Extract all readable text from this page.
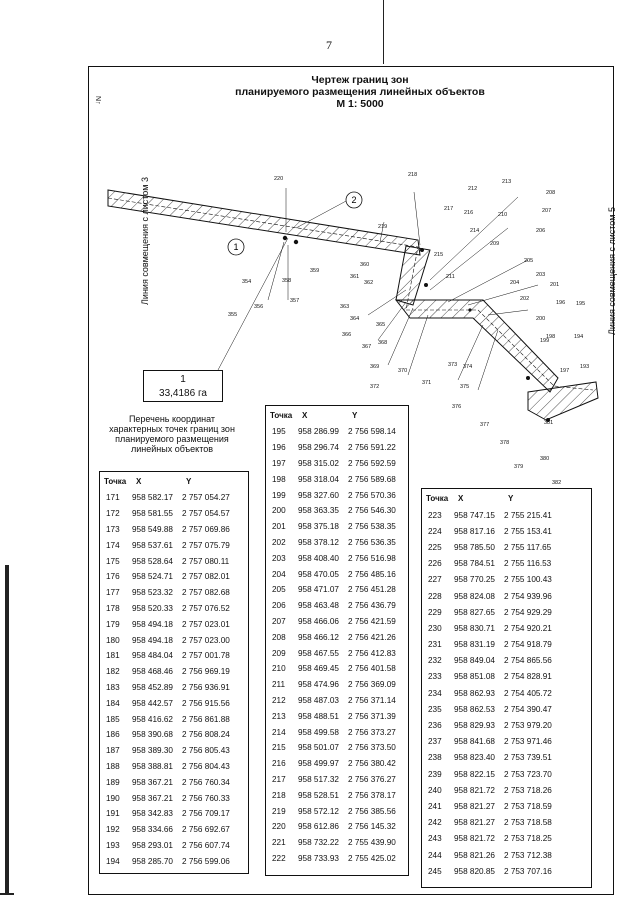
7
Чертеж границ зон
планируемого размещения линейных объектов
М 1: 5000
N↑
Линия совмещения с листом 3	Линия совмещения с листом 5
1
2
220
218
212
213
208
217
216	210
207
219
214	206
209
215
211
205
203
204	201
202
195
196
200
194
198
197
193
199
360
361
362
359
358
357
354
356
355
363
364
365
366
367
368
369
370
371
372
373 374
375
376
377
378
379
380
381
382
1
33,4186 га
Перечень координат
характерных точек границ зон
планируемого размещения
линейных объектов
Точка	X	Y
171	958 582.17	2 757 054.27
172	958 581.55	2 757 054.57
173	958 549.88	2 757 069.86
174	958 537.61	2 757 075.79
175	958 528.64	2 757 080.11
176	958 524.71	2 757 082.01
177	958 523.32	2 757 082.68
178	958 520.33	2 757 076.52
179	958 494.18	2 757 023.01
180	958 494.18	2 757 023.00
181	958 484.04	2 757 001.78
182	958 468.46	2 756 969.19
183	958 452.89	2 756 936.91
184	958 442.57	2 756 915.56
185	958 416.62	2 756 861.88
186	958 390.68	2 756 808.24
187	958 389.30	2 756 805.43
188	958 388.81	2 756 804.43
189	958 367.21	2 756 760.34
190	958 367.21	2 756 760.33
191	958 342.83	2 756 709.17
192	958 334.66	2 756 692.67
193	958 293.01	2 756 607.74
194	958 285.70	2 756 599.06
Точка	X	Y
195	958 286.99	2 756 598.14
196	958 296.74	2 756 591.22
197	958 315.02	2 756 592.59
198	958 318.04	2 756 589.68
199	958 327.60	2 756 570.36
200	958 363.35	2 756 546.30
201	958 375.18	2 756 538.35
202	958 378.12	2 756 536.35
203	958 408.40	2 756 516.98
204	958 470.05	2 756 485.16
205	958 471.07	2 756 451.28
206	958 463.48	2 756 436.79
207	958 466.06	2 756 421.59
208	958 466.12	2 756 421.26
209	958 467.55	2 756 412.83
210	958 469.45	2 756 401.58
211	958 474.96	2 756 369.09
212	958 487.03	2 756 371.14
213	958 488.51	2 756 371.39
214	958 499.58	2 756 373.27
215	958 501.07	2 756 373.50
216	958 499.97	2 756 380.42
217	958 517.32	2 756 376.27
218	958 528.51	2 756 378.17
219	958 572.12	2 756 385.56
220	958 612.86	2 756 145.32
221	958 732.22	2 755 439.90
222	958 733.93	2 755 425.02
Точка	X	Y
223	958 747.15	2 755 215.41
224	958 817.16	2 755 153.41
225	958 785.50	2 755 117.65
226	958 784.51	2 755 116.53
227	958 770.25	2 755 100.43
228	958 824.08	2 754 939.96
229	958 827.65	2 754 929.29
230	958 830.71	2 754 920.21
231	958 831.19	2 754 918.79
232	958 849.04	2 754 865.56
233	958 851.08	2 754 828.91
234	958 862.93	2 754 405.72
235	958 862.53	2 754 390.47
236	958 829.93	2 753 979.20
237	958 841.68	2 753 971.46
238	958 823.40	2 753 739.51
239	958 822.15	2 753 723.70
240	958 821.72	2 753 718.26
241	958 821.27	2 753 718.59
242	958 821.27	2 753 718.58
243	958 821.72	2 753 718.25
244	958 821.26	2 753 712.38
245	958 820.85	2 753 707.16
